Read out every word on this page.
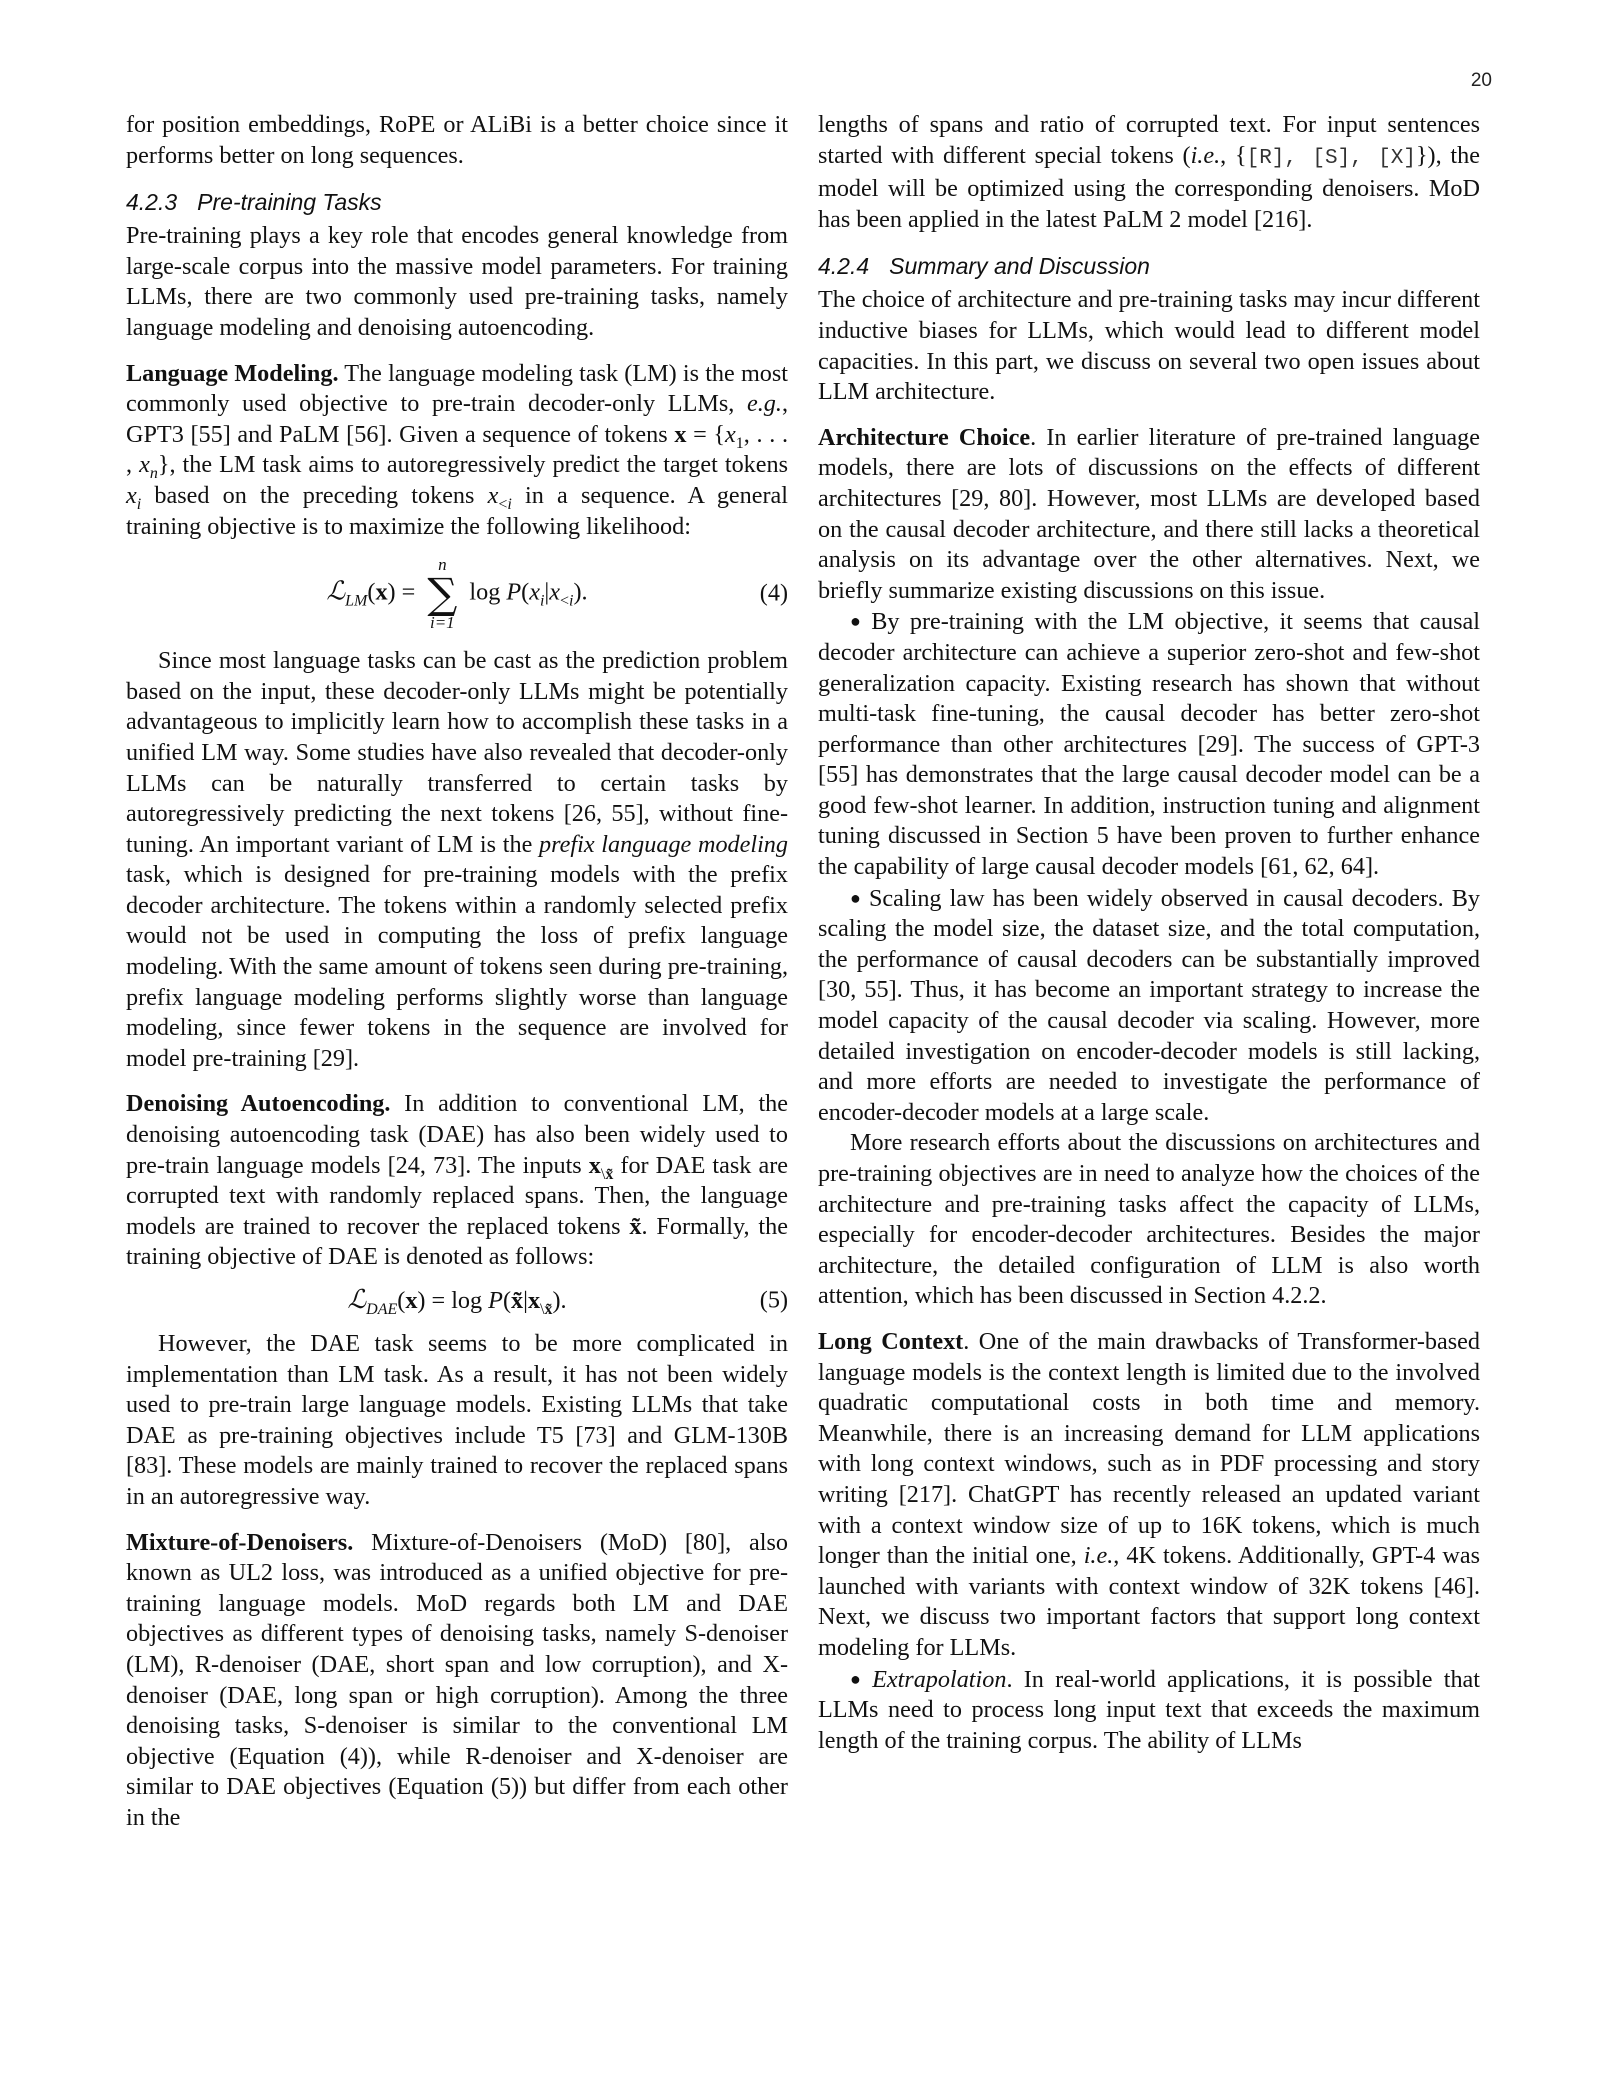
20

for position embeddings, RoPE or ALiBi is a better choice since it performs better on long sequences.

4.2.3 Pre-training Tasks

Pre-training plays a key role that encodes general knowledge from large-scale corpus into the massive model parameters. For training LLMs, there are two commonly used pre-training tasks, namely language modeling and denoising autoencoding.

Language Modeling. The language modeling task (LM) is the most commonly used objective to pre-train decoder-only LLMs, e.g., GPT3 [55] and PaLM [56]. Given a sequence of tokens $x = \{x_1$, . . . , $x_n$}, the LM task aims to autoregressively predict the target tokens $x_i$ based on the preceding tokens $x_{<i}$ in a sequence. A general training objective is to maximize the following likelihood:

ℒ$_{LM}$(x) =
n
∑
i=1
$\log P(x_i|x_{<i})$.	(4)

Since most language tasks can be cast as the prediction problem based on the input, these decoder-only LLMs might be potentially advantageous to implicitly learn how to accomplish these tasks in a unified LM way. Some studies have also revealed that decoder-only LLMs can be naturally transferred to certain tasks by autoregressively predicting the next tokens [26, 55], without fine-tuning. An important variant of LM is the prefix language modeling task, which is designed for pre-training models with the prefix decoder architecture. The tokens within a randomly selected prefix would not be used in computing the loss of prefix language modeling. With the same amount of tokens seen during pre-training, prefix language modeling performs slightly worse than language modeling, since fewer tokens in the sequence are involved for model pre-training [29].

Denoising Autoencoding. In addition to conventional LM, the denoising autoencoding task (DAE) has also been widely used to pre-train language models [24, 73]. The inputs $x_{\backslash x̃}$ for DAE task are corrupted text with randomly replaced spans. Then, the language models are trained to recover the replaced tokens x̃. Formally, the training objective of DAE is denoted as follows:

ℒ$_{DAE}$(x) = $\log P(x̃|x_{\backslash x̃})$.	(5)

However, the DAE task seems to be more complicated in implementation than LM task. As a result, it has not been widely used to pre-train large language models. Existing LLMs that take DAE as pre-training objectives include T5 [73] and GLM-130B [83]. These models are mainly trained to recover the replaced spans in an autoregressive way.

Mixture-of-Denoisers. Mixture-of-Denoisers (MoD) [80], also known as UL2 loss, was introduced as a unified objective for pre-training language models. MoD regards both LM and DAE objectives as different types of denoising tasks, namely S-denoiser (LM), R-denoiser (DAE, short span and low corruption), and X-denoiser (DAE, long span or high corruption). Among the three denoising tasks, S-denoiser is similar to the conventional LM objective (Equation (4)), while R-denoiser and X-denoiser are similar to DAE objectives (Equation (5)) but differ from each other in the

lengths of spans and ratio of corrupted text. For input sentences started with different special tokens (i.e., {[R], [S], [X]}), the model will be optimized using the corresponding denoisers. MoD has been applied in the latest PaLM 2 model [216].

4.2.4 Summary and Discussion

The choice of architecture and pre-training tasks may incur different inductive biases for LLMs, which would lead to different model capacities. In this part, we discuss on several two open issues about LLM architecture.

Architecture Choice. In earlier literature of pre-trained language models, there are lots of discussions on the effects of different architectures [29, 80]. However, most LLMs are developed based on the causal decoder architecture, and there still lacks a theoretical analysis on its advantage over the other alternatives. Next, we briefly summarize existing discussions on this issue.

● By pre-training with the LM objective, it seems that causal decoder architecture can achieve a superior zero-shot and few-shot generalization capacity. Existing research has shown that without multi-task fine-tuning, the causal decoder has better zero-shot performance than other architectures [29]. The success of GPT-3 [55] has demonstrates that the large causal decoder model can be a good few-shot learner. In addition, instruction tuning and alignment tuning discussed in Section 5 have been proven to further enhance the capability of large causal decoder models [61, 62, 64].

● Scaling law has been widely observed in causal decoders. By scaling the model size, the dataset size, and the total computation, the performance of causal decoders can be substantially improved [30, 55]. Thus, it has become an important strategy to increase the model capacity of the causal decoder via scaling. However, more detailed investigation on encoder-decoder models is still lacking, and more efforts are needed to investigate the performance of encoder-decoder models at a large scale.

More research efforts about the discussions on architectures and pre-training objectives are in need to analyze how the choices of the architecture and pre-training tasks affect the capacity of LLMs, especially for encoder-decoder architectures. Besides the major architecture, the detailed configuration of LLM is also worth attention, which has been discussed in Section 4.2.2.

Long Context. One of the main drawbacks of Transformer-based language models is the context length is limited due to the involved quadratic computational costs in both time and memory. Meanwhile, there is an increasing demand for LLM applications with long context windows, such as in PDF processing and story writing [217]. ChatGPT has recently released an updated variant with a context window size of up to 16K tokens, which is much longer than the initial one, i.e., 4K tokens. Additionally, GPT-4 was launched with variants with context window of 32K tokens [46]. Next, we discuss two important factors that support long context modeling for LLMs.

● Extrapolation. In real-world applications, it is possible that LLMs need to process long input text that exceeds the maximum length of the training corpus. The ability of LLMs
